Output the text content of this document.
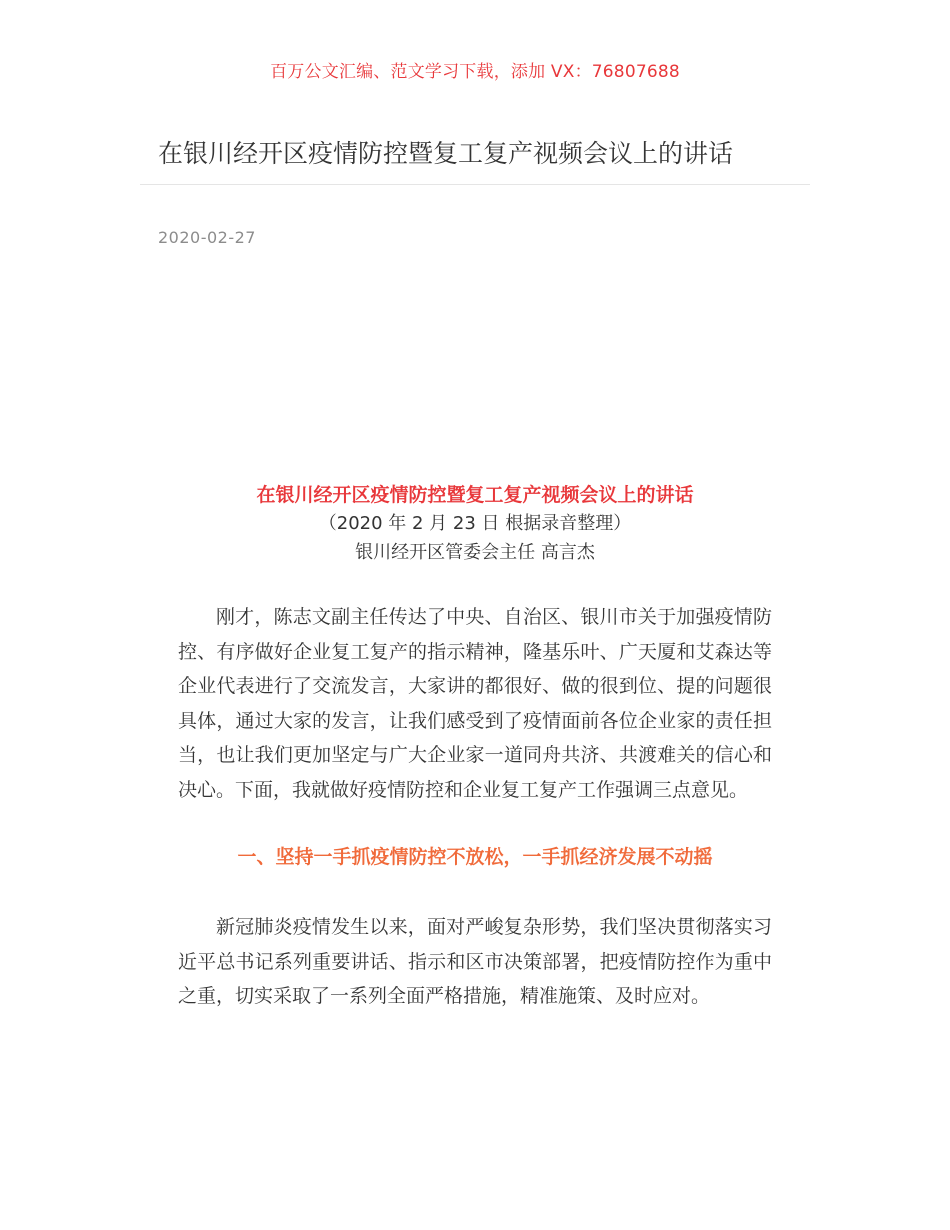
百万公文汇编、范文学习下载，添加 VX：76807688
在银川经开区疫情防控暨复工复产视频会议上的讲话
2020-02-27
在银川经开区疫情防控暨复工复产视频会议上的讲话
（2020 年 2 月 23 日 根据录音整理）
银川经开区管委会主任 高言杰

刚才，陈志文副主任传达了中央、自治区、银川市关于加强疫情防控、有序做好企业复工复产的指示精神，隆基乐叶、广天厦和艾森达等企业代表进行了交流发言，大家讲的都很好、做的很到位、提的问题很具体，通过大家的发言，让我们感受到了疫情面前各位企业家的责任担当，也让我们更加坚定与广大企业家一道同舟共济、共渡难关的信心和决心。下面，我就做好疫情防控和企业复工复产工作强调三点意见。

一、坚持一手抓疫情防控不放松，一手抓经济发展不动摇

新冠肺炎疫情发生以来，面对严峻复杂形势，我们坚决贯彻落实习近平总书记系列重要讲话、指示和区市决策部署，把疫情防控作为重中之重，切实采取了一系列全面严格措施，精准施策、及时应对。
